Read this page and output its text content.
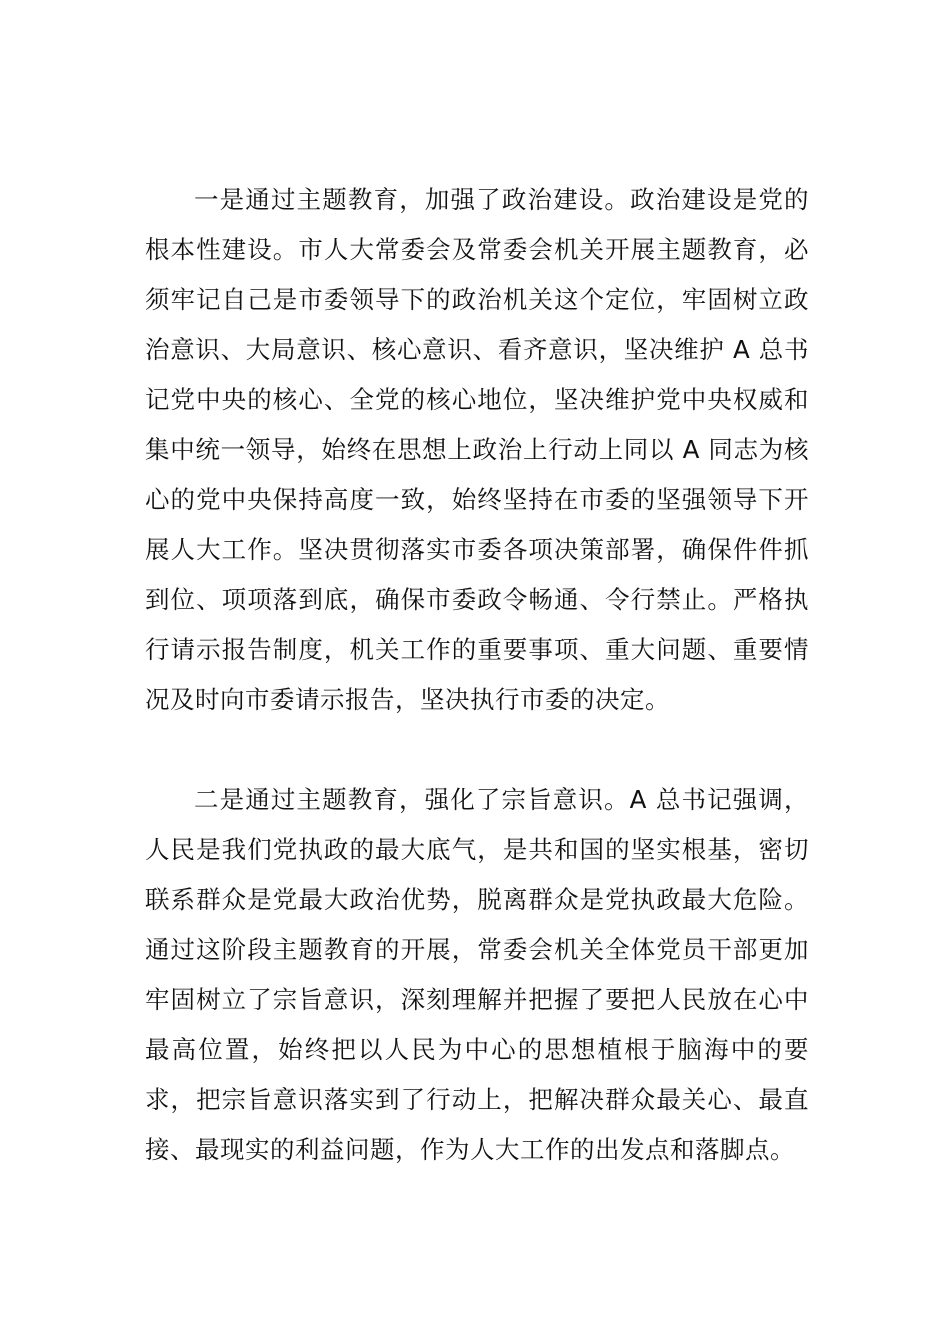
一是通过主题教育，加强了政治建设。政治建设是党的根本性建设。市人大常委会及常委会机关开展主题教育，必须牢记自己是市委领导下的政治机关这个定位，牢固树立政治意识、大局意识、核心意识、看齐意识，坚决维护 A 总书记党中央的核心、全党的核心地位，坚决维护党中央权威和集中统一领导，始终在思想上政治上行动上同以 A 同志为核心的党中央保持高度一致，始终坚持在市委的坚强领导下开展人大工作。坚决贯彻落实市委各项决策部署，确保件件抓到位、项项落到底，确保市委政令畅通、令行禁止。严格执行请示报告制度，机关工作的重要事项、重大问题、重要情况及时向市委请示报告，坚决执行市委的决定。

二是通过主题教育，强化了宗旨意识。A 总书记强调，人民是我们党执政的最大底气，是共和国的坚实根基，密切联系群众是党最大政治优势，脱离群众是党执政最大危险。通过这阶段主题教育的开展，常委会机关全体党员干部更加牢固树立了宗旨意识，深刻理解并把握了要把人民放在心中最高位置，始终把以人民为中心的思想植根于脑海中的要求，把宗旨意识落实到了行动上，把解决群众最关心、最直接、最现实的利益问题，作为人大工作的出发点和落脚点。
